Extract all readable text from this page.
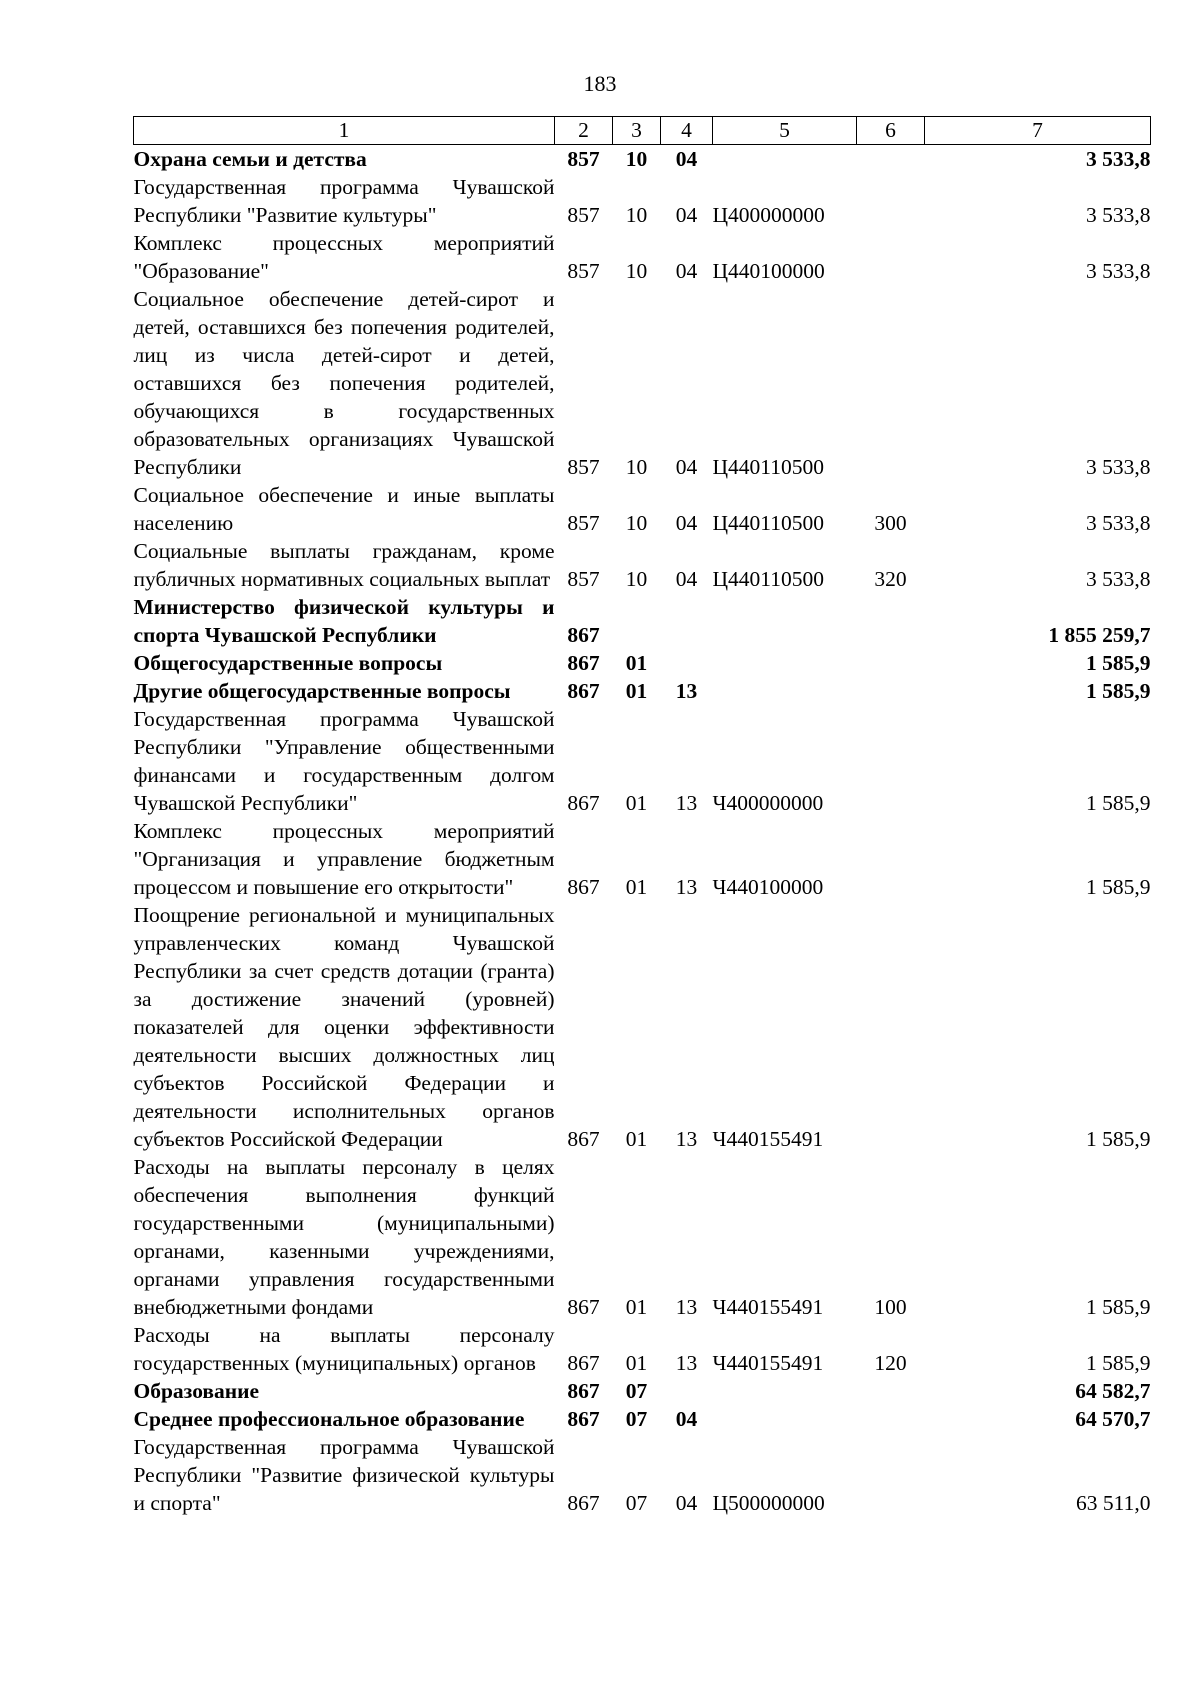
183
1	2	3	4	5	6	7
Охрана семьи и детства	857	10	04			3 533,8
Государственная программа Чувашской Республики "Развитие культуры"	857	10	04	Ц400000000		3 533,8
Комплекс процессных мероприятий "Образование"	857	10	04	Ц440100000		3 533,8
Социальное обеспечение детей-сирот и детей, оставшихся без попечения родителей, лиц из числа детей-сирот и детей, оставшихся без попечения родителей, обучающихся в государственных образовательных организациях Чувашской Республики	857	10	04	Ц440110500		3 533,8
Социальное обеспечение и иные выплаты населению	857	10	04	Ц440110500	300	3 533,8
Социальные выплаты гражданам, кроме публичных нормативных социальных выплат	857	10	04	Ц440110500	320	3 533,8
Министерство физической культуры и спорта Чувашской Республики	867					1 855 259,7
Общегосударственные вопросы	867	01				1 585,9
Другие общегосударственные вопросы	867	01	13			1 585,9
Государственная программа Чувашской Республики "Управление общественными финансами и государственным долгом Чувашской Республики"	867	01	13	Ч400000000		1 585,9
Комплекс процессных мероприятий "Организация и управление бюджетным процессом и повышение его открытости"	867	01	13	Ч440100000		1 585,9
Поощрение региональной и муниципальных управленческих команд Чувашской Республики за счет средств дотации (гранта) за достижение значений (уровней) показателей для оценки эффективности деятельности высших должностных лиц субъектов Российской Федерации и деятельности исполнительных органов субъектов Российской Федерации	867	01	13	Ч440155491		1 585,9
Расходы на выплаты персоналу в целях обеспечения выполнения функций государственными (муниципальными) органами, казенными учреждениями, органами управления государственными внебюджетными фондами	867	01	13	Ч440155491	100	1 585,9
Расходы на выплаты персоналу государственных (муниципальных) органов	867	01	13	Ч440155491	120	1 585,9
Образование	867	07				64 582,7
Среднее профессиональное образование	867	07	04			64 570,7
Государственная программа Чувашской Республики "Развитие физической культуры и спорта"	867	07	04	Ц500000000		63 511,0
